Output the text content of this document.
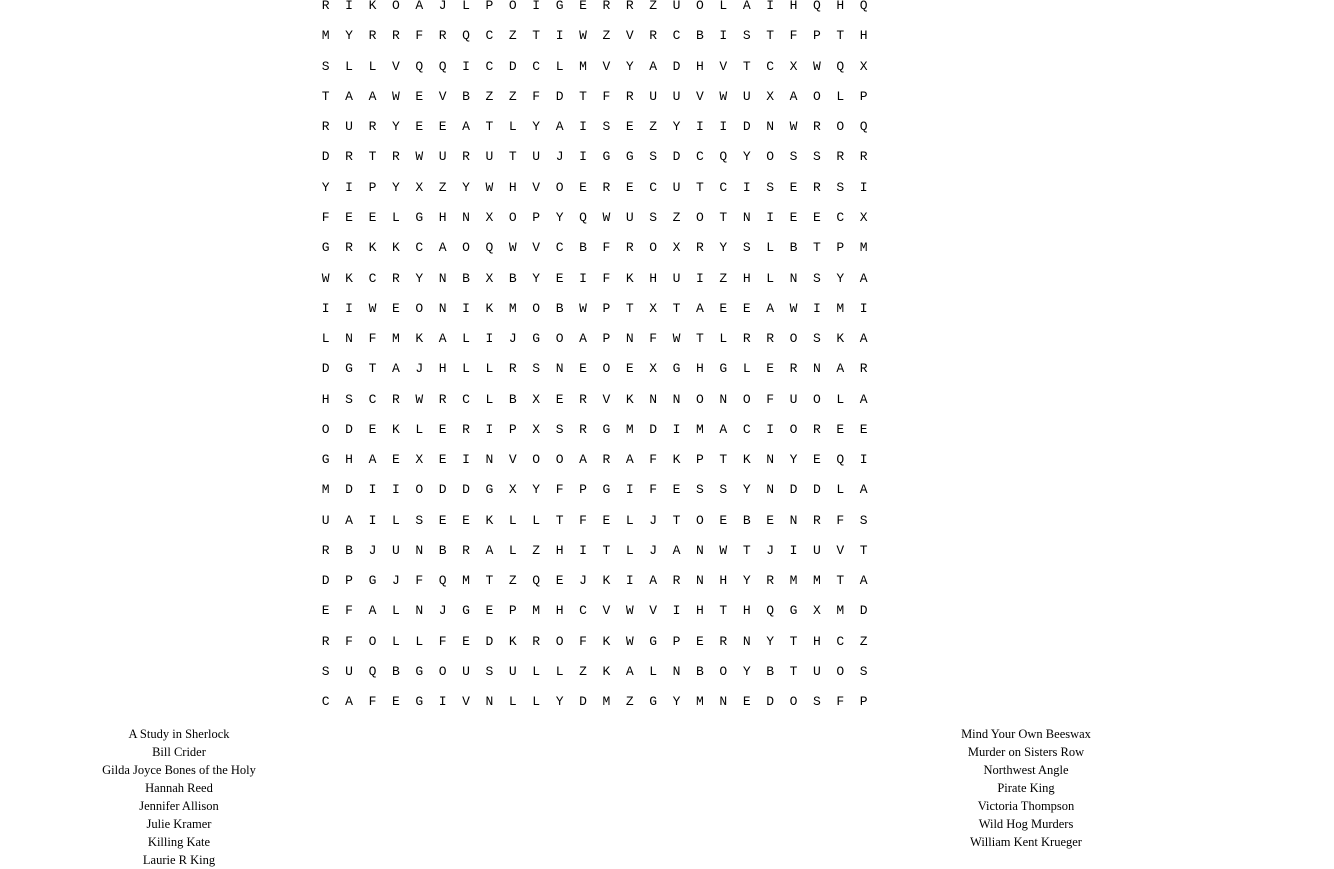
R	I	K	O	A	J	L	P	O	I	G	E	R	R	Z	U	O	L	A	I	H	Q	H	Q
M	Y	R	R	F	R	Q	C	Z	T	I	W	Z	V	R	C	B	I	S	T	F	P	T	H
S	L	L	V	Q	Q	I	C	D	C	L	M	V	Y	A	D	H	V	T	C	X	W	Q	X
T	A	A	W	E	V	B	Z	Z	F	D	T	F	R	U	U	V	W	U	X	A	O	L	P
R	U	R	Y	E	E	A	T	L	Y	A	I	S	E	Z	Y	I	I	D	N	W	R	O	Q
D	R	T	R	W	U	R	U	T	U	J	I	G	G	S	D	C	Q	Y	O	S	S	R	R
Y	I	P	Y	X	Z	Y	W	H	V	O	E	R	E	C	U	T	C	I	S	E	R	S	I
F	E	E	L	G	H	N	X	O	P	Y	Q	W	U	S	Z	O	T	N	I	E	E	C	X
G	R	K	K	C	A	O	Q	W	V	C	B	F	R	O	X	R	Y	S	L	B	T	P	M
W	K	C	R	Y	N	B	X	B	Y	E	I	F	K	H	U	I	Z	H	L	N	S	Y	A
I	I	W	E	O	N	I	K	M	O	B	W	P	T	X	T	A	E	E	A	W	I	M	I
L	N	F	M	K	A	L	I	J	G	O	A	P	N	F	W	T	L	R	R	O	S	K	A
D	G	T	A	J	H	L	L	R	S	N	E	O	E	X	G	H	G	L	E	R	N	A	R
H	S	C	R	W	R	C	L	B	X	E	R	V	K	N	N	O	N	O	F	U	O	L	A
O	D	E	K	L	E	R	I	P	X	S	R	G	M	D	I	M	A	C	I	O	R	E	E
G	H	A	E	X	E	I	N	V	O	O	A	R	A	F	K	P	T	K	N	Y	E	Q	I
M	D	I	I	O	D	D	G	X	Y	F	P	G	I	F	E	S	S	Y	N	D	D	L	A
U	A	I	L	S	E	E	K	L	L	T	F	E	L	J	T	O	E	B	E	N	R	F	S
R	B	J	U	N	B	R	A	L	Z	H	I	T	L	J	A	N	W	T	J	I	U	V	T
D	P	G	J	F	Q	M	T	Z	Q	E	J	K	I	A	R	N	H	Y	R	M	M	T	A
E	F	A	L	N	J	G	E	P	M	H	C	V	W	V	I	H	T	H	Q	G	X	M	D
R	F	O	L	L	F	E	D	K	R	O	F	K	W	G	P	E	R	N	Y	T	H	C	Z
S	U	Q	B	G	O	U	S	U	L	L	Z	K	A	L	N	B	O	Y	B	T	U	O	S
C	A	F	E	G	I	V	N	L	L	Y	D	M	Z	G	Y	M	N	E	D	O	S	F	P
A Study in Sherlock
Bill Crider
Gilda Joyce Bones of the Holy
Hannah Reed
Jennifer Allison
Julie Kramer
Killing Kate
Laurie R King
Mind Your Own Beeswax
Murder on Sisters Row
Northwest Angle
Pirate King
Victoria Thompson
Wild Hog Murders
William Kent Krueger
